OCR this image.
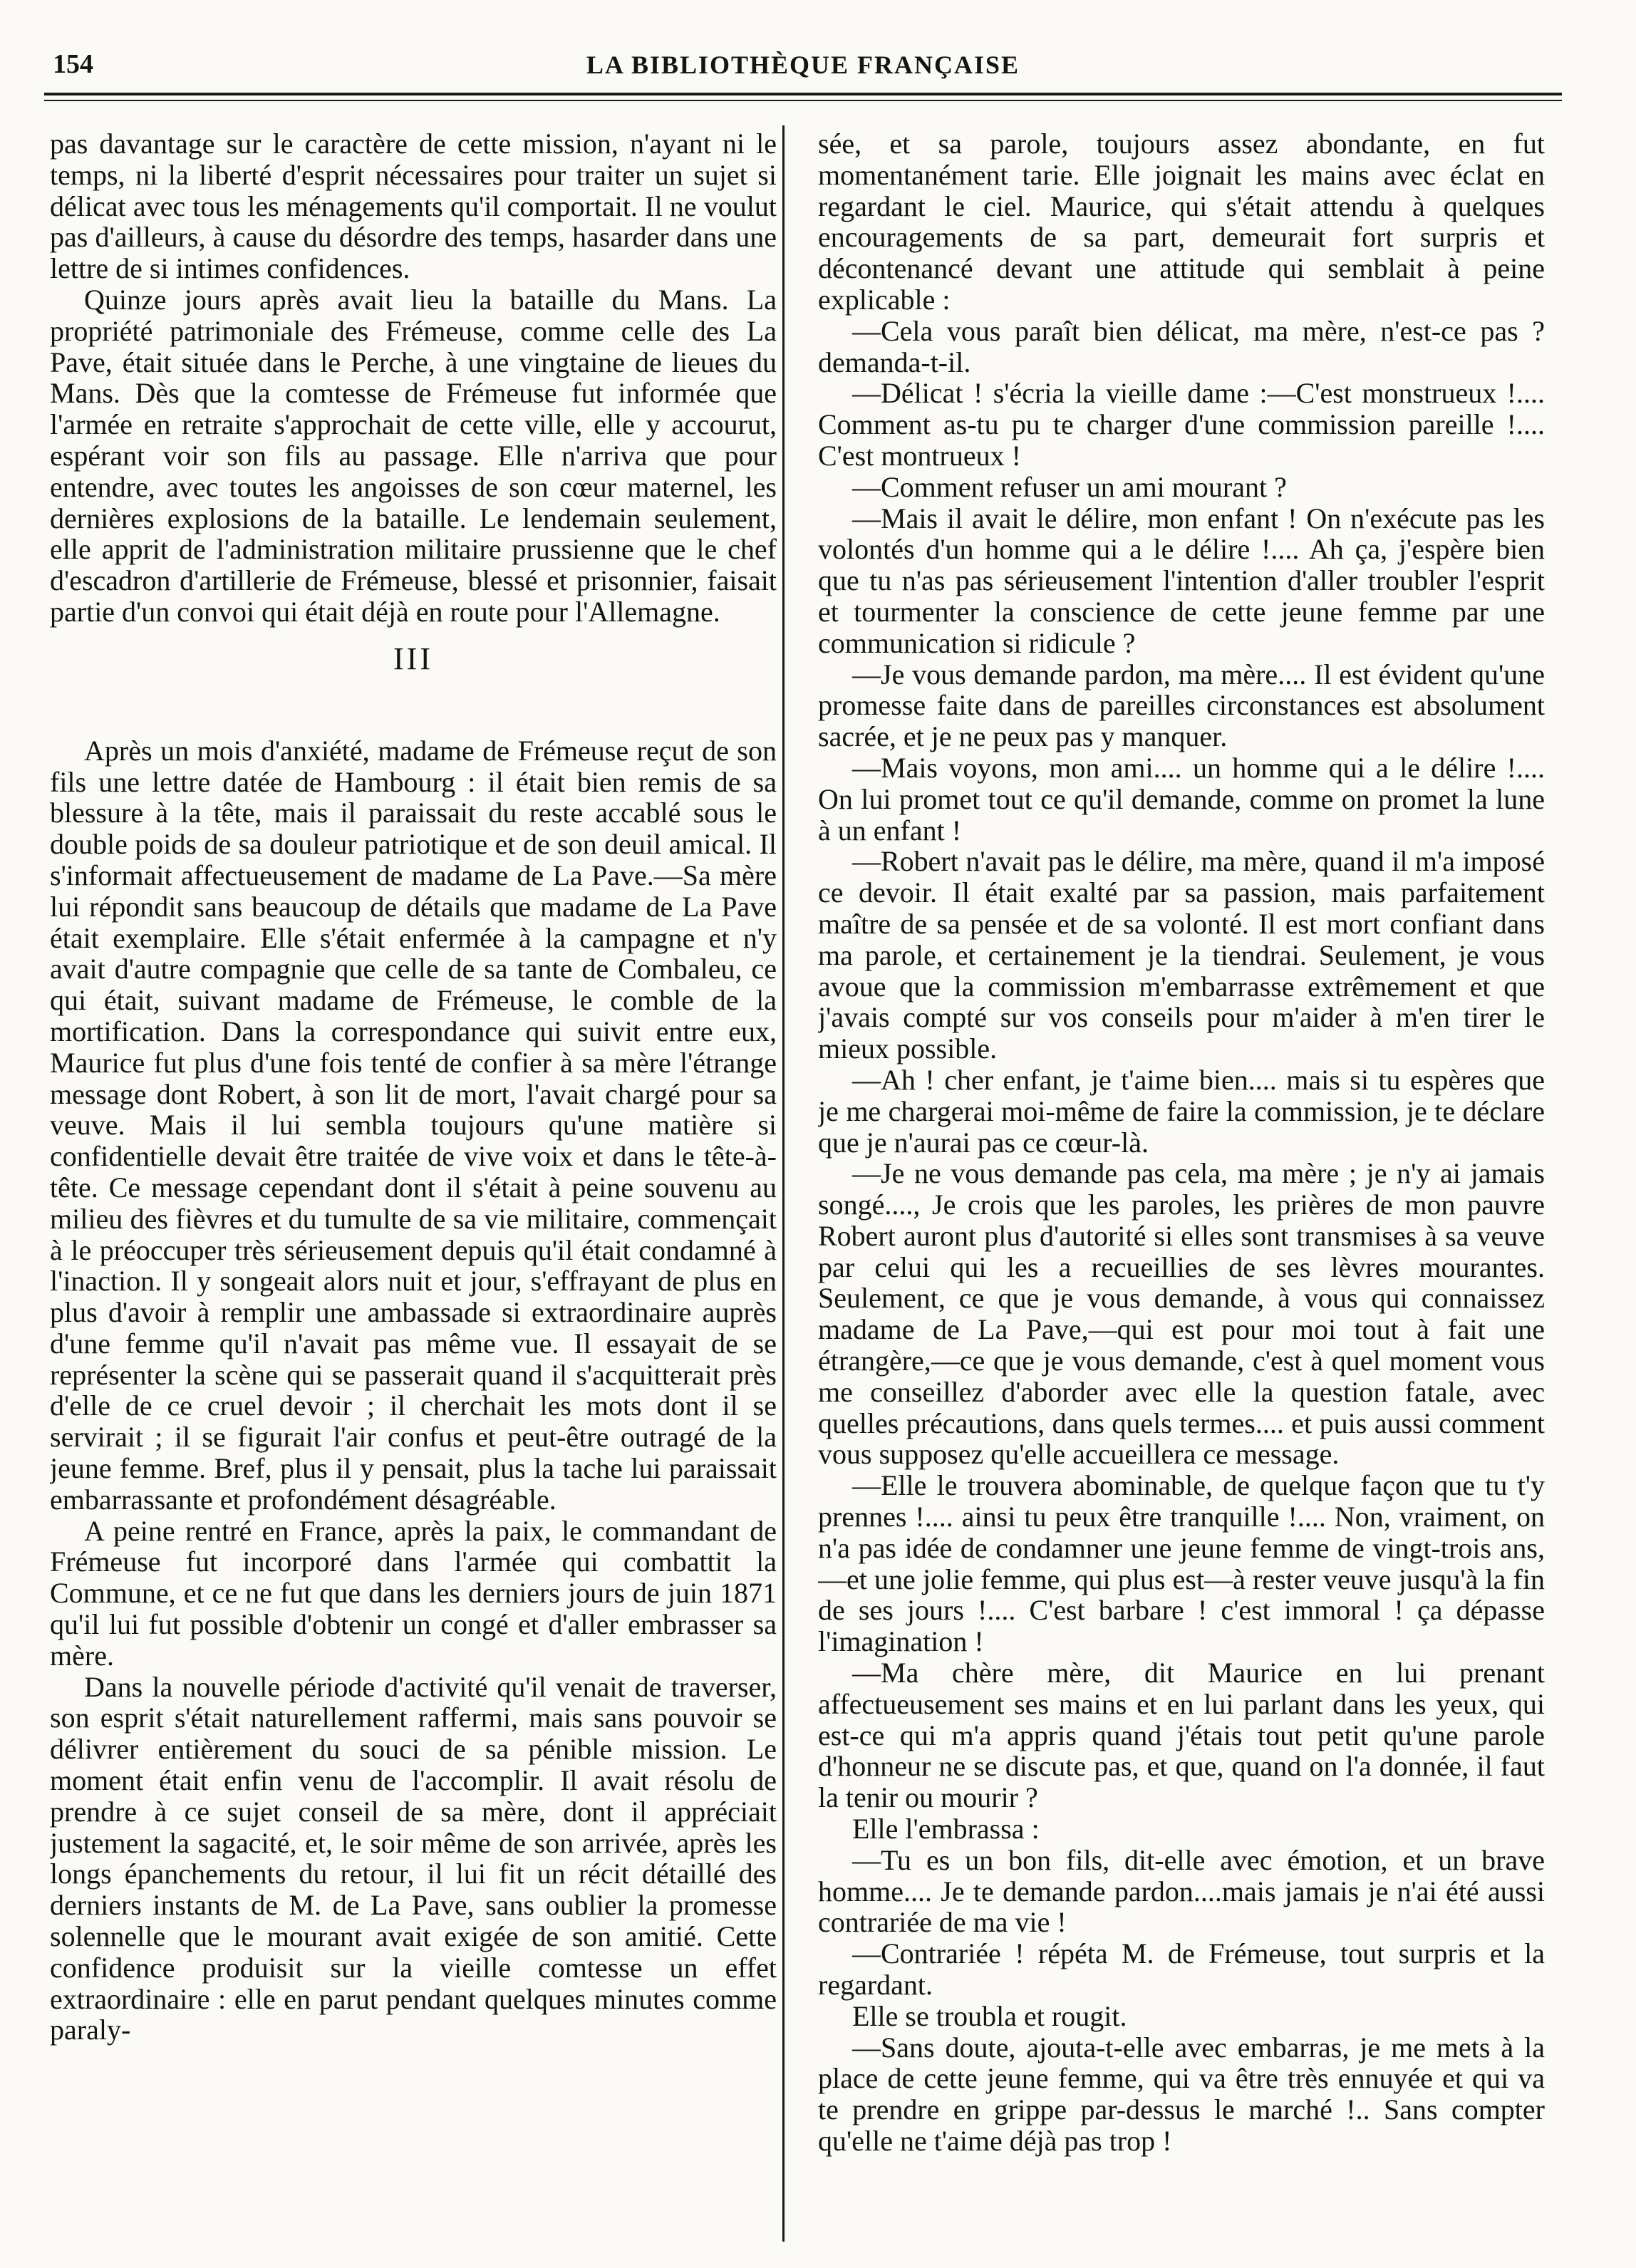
154	LA BIBLIOTHÈQUE FRANÇAISE

pas davantage sur le caractère de cette mission, n'ayant ni le temps, ni la liberté d'esprit nécessaires pour traiter un sujet si délicat avec tous les ménagements qu'il comportait. Il ne voulut pas d'ailleurs, à cause du désordre des temps, hasarder dans une lettre de si intimes confidences.

Quinze jours après avait lieu la bataille du Mans. La propriété patrimoniale des Frémeuse, comme celle des La Pave, était située dans le Perche, à une vingtaine de lieues du Mans. Dès que la comtesse de Frémeuse fut informée que l'armée en retraite s'approchait de cette ville, elle y accourut, espérant voir son fils au passage. Elle n'arriva que pour entendre, avec toutes les angoisses de son cœur maternel, les dernières explosions de la bataille. Le lendemain seulement, elle apprit de l'administration militaire prussienne que le chef d'escadron d'artillerie de Frémeuse, blessé et prisonnier, faisait partie d'un convoi qui était déjà en route pour l'Allemagne.

III

Après un mois d'anxiété, madame de Frémeuse reçut de son fils une lettre datée de Hambourg : il était bien remis de sa blessure à la tête, mais il paraissait du reste accablé sous le double poids de sa douleur patriotique et de son deuil amical. Il s'informait affectueusement de madame de La Pave.—Sa mère lui répondit sans beaucoup de détails que madame de La Pave était exemplaire. Elle s'était enfermée à la campagne et n'y avait d'autre compagnie que celle de sa tante de Combaleu, ce qui était, suivant madame de Frémeuse, le comble de la mortification. Dans la correspondance qui suivit entre eux, Maurice fut plus d'une fois tenté de confier à sa mère l'étrange message dont Robert, à son lit de mort, l'avait chargé pour sa veuve. Mais il lui sembla toujours qu'une matière si confidentielle devait être traitée de vive voix et dans le tête-à-tête. Ce message cependant dont il s'était à peine souvenu au milieu des fièvres et du tumulte de sa vie militaire, commençait à le préoccuper très sérieusement depuis qu'il était condamné à l'inaction. Il y songeait alors nuit et jour, s'effrayant de plus en plus d'avoir à remplir une ambassade si extraordinaire auprès d'une femme qu'il n'avait pas même vue. Il essayait de se représenter la scène qui se passerait quand il s'acquitterait près d'elle de ce cruel devoir ; il cherchait les mots dont il se servirait ; il se figurait l'air confus et peut-être outragé de la jeune femme. Bref, plus il y pensait, plus la tache lui paraissait embarrassante et profondément désagréable.

A peine rentré en France, après la paix, le commandant de Frémeuse fut incorporé dans l'armée qui combattit la Commune, et ce ne fut que dans les derniers jours de juin 1871 qu'il lui fut possible d'obtenir un congé et d'aller embrasser sa mère.

Dans la nouvelle période d'activité qu'il venait de traverser, son esprit s'était naturellement raffermi, mais sans pouvoir se délivrer entièrement du souci de sa pénible mission. Le moment était enfin venu de l'accomplir. Il avait résolu de prendre à ce sujet conseil de sa mère, dont il appréciait justement la sagacité, et, le soir même de son arrivée, après les longs épanchements du retour, il lui fit un récit détaillé des derniers instants de M. de La Pave, sans oublier la promesse solennelle que le mourant avait exigée de son amitié. Cette confidence produisit sur la vieille comtesse un effet extraordinaire : elle en parut pendant quelques minutes comme paraly-

sée, et sa parole, toujours assez abondante, en fut momentanément tarie. Elle joignait les mains avec éclat en regardant le ciel. Maurice, qui s'était attendu à quelques encouragements de sa part, demeurait fort surpris et décontenancé devant une attitude qui semblait à peine explicable :

—Cela vous paraît bien délicat, ma mère, n'est-ce pas ? demanda-t-il.

—Délicat ! s'écria la vieille dame :—C'est monstrueux !.... Comment as-tu pu te charger d'une commission pareille !.... C'est montrueux !

—Comment refuser un ami mourant ?

—Mais il avait le délire, mon enfant ! On n'exécute pas les volontés d'un homme qui a le délire !.... Ah ça, j'espère bien que tu n'as pas sérieusement l'intention d'aller troubler l'esprit et tourmenter la conscience de cette jeune femme par une communication si ridicule ?

—Je vous demande pardon, ma mère.... Il est évident qu'une promesse faite dans de pareilles circonstances est absolument sacrée, et je ne peux pas y manquer.

—Mais voyons, mon ami.... un homme qui a le délire !.... On lui promet tout ce qu'il demande, comme on promet la lune à un enfant !

—Robert n'avait pas le délire, ma mère, quand il m'a imposé ce devoir. Il était exalté par sa passion, mais parfaitement maître de sa pensée et de sa volonté. Il est mort confiant dans ma parole, et certainement je la tiendrai. Seulement, je vous avoue que la commission m'embarrasse extrêmement et que j'avais compté sur vos conseils pour m'aider à m'en tirer le mieux possible.

—Ah ! cher enfant, je t'aime bien.... mais si tu espères que je me chargerai moi-même de faire la commission, je te déclare que je n'aurai pas ce cœur-là.

—Je ne vous demande pas cela, ma mère ; je n'y ai jamais songé...., Je crois que les paroles, les prières de mon pauvre Robert auront plus d'autorité si elles sont transmises à sa veuve par celui qui les a recueillies de ses lèvres mourantes. Seulement, ce que je vous demande, à vous qui connaissez madame de La Pave,—qui est pour moi tout à fait une étrangère,—ce que je vous demande, c'est à quel moment vous me conseillez d'aborder avec elle la question fatale, avec quelles précautions, dans quels termes.... et puis aussi comment vous supposez qu'elle accueillera ce message.

—Elle le trouvera abominable, de quelque façon que tu t'y prennes !.... ainsi tu peux être tranquille !.... Non, vraiment, on n'a pas idée de condamner une jeune femme de vingt-trois ans,—et une jolie femme, qui plus est—à rester veuve jusqu'à la fin de ses jours !.... C'est barbare ! c'est immoral ! ça dépasse l'imagination !

—Ma chère mère, dit Maurice en lui prenant affectueusement ses mains et en lui parlant dans les yeux, qui est-ce qui m'a appris quand j'étais tout petit qu'une parole d'honneur ne se discute pas, et que, quand on l'a donnée, il faut la tenir ou mourir ?

Elle l'embrassa :

—Tu es un bon fils, dit-elle avec émotion, et un brave homme.... Je te demande pardon....mais jamais je n'ai été aussi contrariée de ma vie !

—Contrariée ! répéta M. de Frémeuse, tout surpris et la regardant.

Elle se troubla et rougit.

—Sans doute, ajouta-t-elle avec embarras, je me mets à la place de cette jeune femme, qui va être très ennuyée et qui va te prendre en grippe par-dessus le marché !.. Sans compter qu'elle ne t'aime déjà pas trop !
